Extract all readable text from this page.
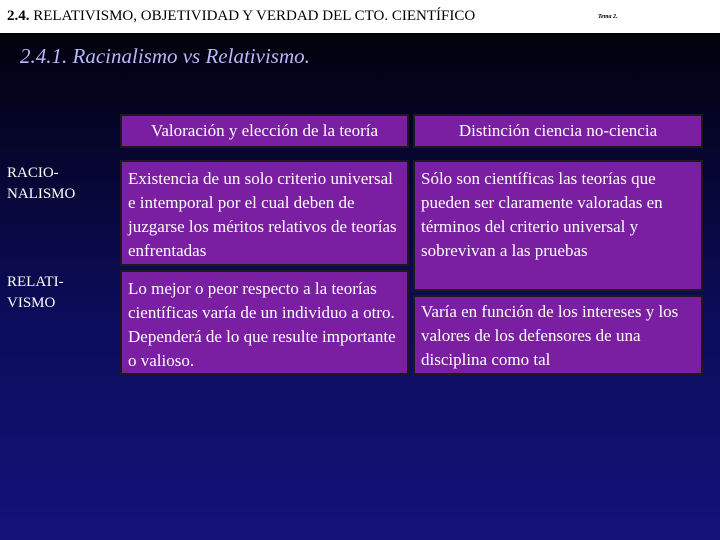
2.4. RELATIVISMO, OBJETIVIDAD Y VERDAD DEL CTO. CIENTÍFICO	Tema 2.
2.4.1. Racinalismo vs Relativismo.
Valoración y elección de la teoría	Distinción ciencia no-ciencia
RACIO-
NALISMO
RELATI-
VISMO
Existencia de un solo criterio universal e intemporal por el cual deben de juzgarse los méritos relativos de teorías enfrentadas
Sólo son científicas las teorías que pueden ser claramente valoradas en términos del criterio universal y sobrevivan a las pruebas
Lo mejor o peor respecto a la teorías científicas varía de un individuo a otro. Dependerá de lo que resulte importante o valioso.
Varía en función de los intereses y los valores de los defensores de una disciplina como tal
